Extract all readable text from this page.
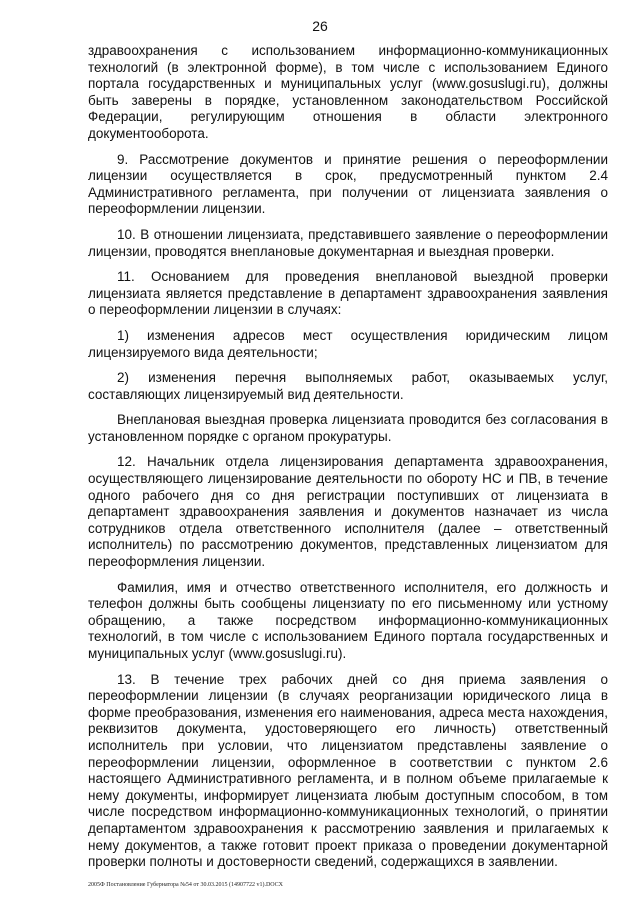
26

здравоохранения с использованием информационно-коммуникационных технологий (в электронной форме), в том числе с использованием Единого портала государственных и муниципальных услуг (www.gosuslugi.ru), должны быть заверены в порядке, установленном законодательством Российской Федерации, регулирующим отношения в области электронного документооборота.

9. Рассмотрение документов и принятие решения о переоформлении лицензии осуществляется в срок, предусмотренный пунктом 2.4 Административного регламента, при получении от лицензиата заявления о переоформлении лицензии.

10. В отношении лицензиата, представившего заявление о переоформлении лицензии, проводятся внеплановые документарная и выездная проверки.

11. Основанием для проведения внеплановой выездной проверки лицензиата является представление в департамент здравоохранения заявления о переоформлении лицензии в случаях:

1) изменения адресов мест осуществления юридическим лицом лицензируемого вида деятельности;

2) изменения перечня выполняемых работ, оказываемых услуг, составляющих лицензируемый вид деятельности.

Внеплановая выездная проверка лицензиата проводится без согласования в установленном порядке с органом прокуратуры.

12. Начальник отдела лицензирования департамента здравоохранения, осуществляющего лицензирование деятельности по обороту НС и ПВ, в течение одного рабочего дня со дня регистрации поступивших от лицензиата в департамент здравоохранения заявления и документов назначает из числа сотрудников отдела ответственного исполнителя (далее – ответственный исполнитель) по рассмотрению документов, представленных лицензиатом для переоформления лицензии.

Фамилия, имя и отчество ответственного исполнителя, его должность и телефон должны быть сообщены лицензиату по его письменному или устному обращению, а также посредством информационно-коммуникационных технологий, в том числе с использованием Единого портала государственных и муниципальных услуг (www.gosuslugi.ru).

13. В течение трех рабочих дней со дня приема заявления о переоформлении лицензии (в случаях реорганизации юридического лица в форме преобразования, изменения его наименования, адреса места нахождения, реквизитов документа, удостоверяющего его личность) ответственный исполнитель при условии, что лицензиатом представлены заявление о переоформлении лицензии, оформленное в соответствии с пунктом 2.6 настоящего Административного регламента, и в полном объеме прилагаемые к нему документы, информирует лицензиата любым доступным способом, в том числе посредством информационно-коммуникационных технологий, о принятии департаментом здравоохранения к рассмотрению заявления и прилагаемых к нему документов, а также готовит проект приказа о проведении документарной проверки полноты и достоверности сведений, содержащихся в заявлении.

2005Ф Постановление Губернатора №54 от 30.03.2015 (14907722 v1).DOCX
